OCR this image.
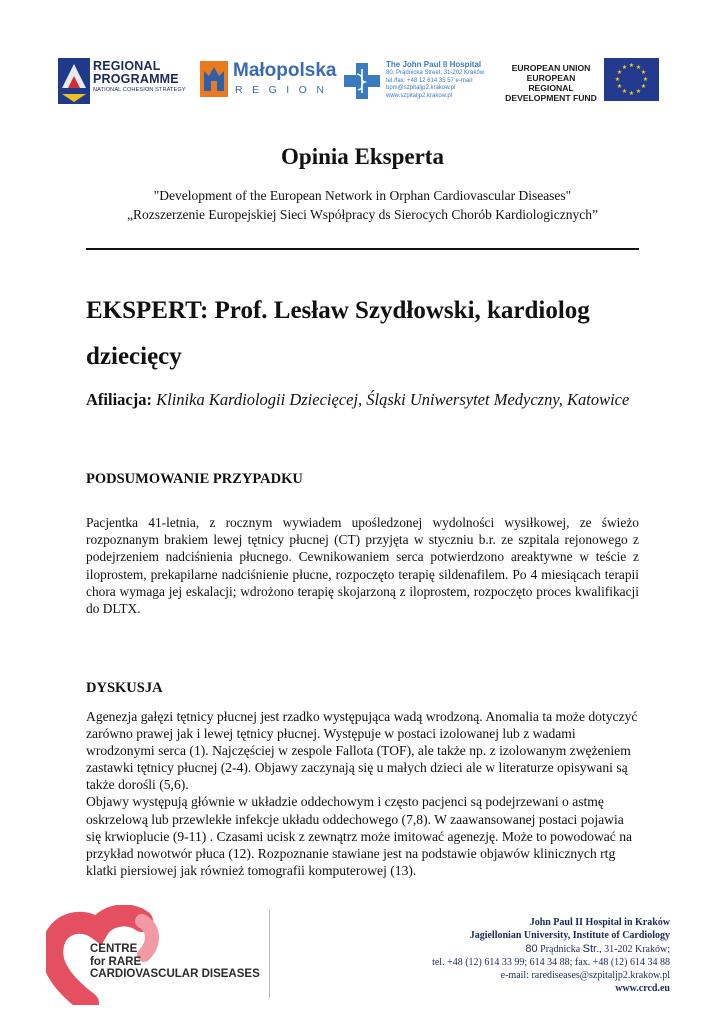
REGIONAL
PROGRAMME
NATIONAL COHESION STRATEGY
Małopolska
REGION
The John Paul II Hospital
80, Prądnicka Street, 31-202 Kraków
tel./fax: +48 12 614 35 57 e-mail:
bpm@szpitaljp2.krakow.pl
www.szpitaljp2.krakow.pl
EUROPEAN UNION
EUROPEAN REGIONAL
DEVELOPMENT FUND
★ ★
★
★
★
★
★
★
★
★
★
★
Opinia Eksperta
"Development of the European Network in Orphan Cardiovascular Diseases"
„Rozszerzenie Europejskiej Sieci Współpracy ds Sierocych Chorób Kardiologicznych”
EKSPERT: Prof. Lesław Szydłowski, kardiolog
dziecięcy
Afiliacja: Klinika Kardiologii Dziecięcej, Śląski Uniwersytet Medyczny, Katowice
PODSUMOWANIE PRZYPADKU
Pacjentka 41-letnia, z rocznym wywiadem upośledzonej wydolności wysiłkowej, ze świeżo rozpoznanym brakiem lewej tętnicy płucnej (CT) przyjęta w styczniu b.r. ze szpitala rejonowego z podejrzeniem nadciśnienia płucnego. Cewnikowaniem serca potwierdzono areaktywne w teście z iloprostem, prekapilarne nadciśnienie płucne, rozpoczęto terapię sildenafilem. Po 4 miesiącach terapii chora wymaga jej eskalacji; wdrożono terapię skojarzoną z iloprostem, rozpoczęto proces kwalifikacji do DLTX.
DYSKUSJA

Agenezja gałęzi tętnicy płucnej jest rzadko występująca wadą wrodzoną. Anomalia ta może dotyczyć zarówno prawej jak i lewej tętnicy płucnej. Występuje w postaci izolowanej lub z wadami wrodzonymi serca (1). Najczęściej w zespole Fallota (TOF), ale także np. z izolowanym zwężeniem zastawki tętnicy płucnej (2-4). Objawy zaczynają się u małych dzieci ale w literaturze opisywani są także dorośli (5,6).

Objawy występują głównie w układzie oddechowym i często pacjenci są podejrzewani o astmę oskrzelową lub przewlekłe infekcje układu oddechowego (7,8). W zaawansowanej postaci pojawia się krwioplucie (9-11) . Czasami ucisk z zewnątrz może imitować agenezję. Może to powodować na przykład nowotwór płuca (12). Rozpoznanie stawiane jest na podstawie objawów klinicznych rtg klatki piersiowej jak również tomografii komputerowej (13).

CENTRE
for RARE
CARDIOVASCULAR DISEASES
John Paul II Hospital in Kraków
Jagiellonian University, Institute of Cardiology
80 Prądnicka Str., 31-202 Kraków;
tel. +48 (12) 614 33 99; 614 34 88; fax. +48 (12) 614 34 88
e-mail: rarediseases@szpitaljp2.krakow.pl
www.crcd.eu
